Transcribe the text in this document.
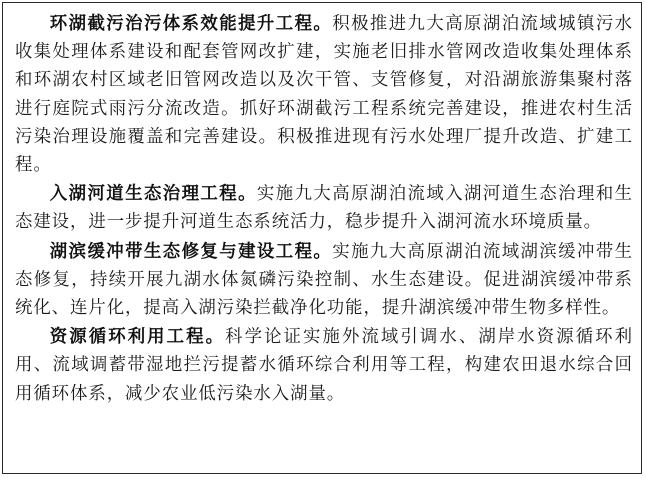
环湖截污治污体系效能提升工程。积极推进九大高原湖泊流域城镇污水收集处理体系建设和配套管网改扩建，实施老旧排水管网改造收集处理体系和环湖农村区域老旧管网改造以及次干管、支管修复，对沿湖旅游集聚村落进行庭院式雨污分流改造。抓好环湖截污工程系统完善建设，推进农村生活污染治理设施覆盖和完善建设。积极推进现有污水处理厂提升改造、扩建工程。

入湖河道生态治理工程。实施九大高原湖泊流域入湖河道生态治理和生态建设，进一步提升河道生态系统活力，稳步提升入湖河流水环境质量。

湖滨缓冲带生态修复与建设工程。实施九大高原湖泊流域湖滨缓冲带生态修复，持续开展九湖水体氮磷污染控制、水生态建设。促进湖滨缓冲带系统化、连片化，提高入湖污染拦截净化功能，提升湖滨缓冲带生物多样性。

资源循环利用工程。科学论证实施外流域引调水、湖岸水资源循环利用、流域调蓄带湿地拦污提蓄水循环综合利用等工程，构建农田退水综合回用循环体系，减少农业低污染水入湖量。
